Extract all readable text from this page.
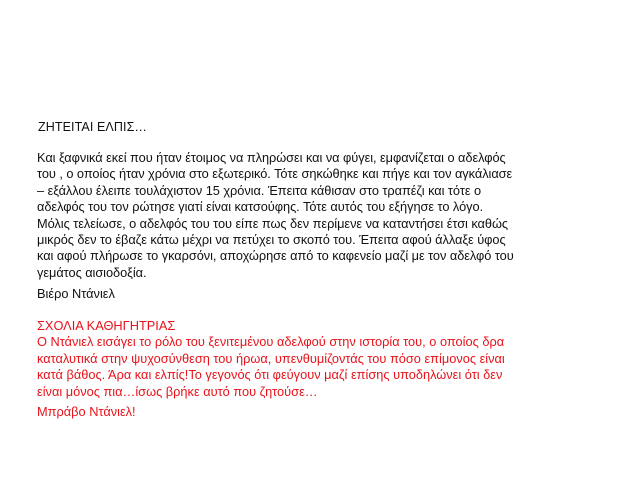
ΖΗΤΕΙΤΑΙ ΕΛΠΙΣ…
Και ξαφνικά εκεί που ήταν έτοιμος να πληρώσει και να φύγει, εμφανίζεται ο αδελφός
του , ο οποίος ήταν χρόνια στο εξωτερικό. Τότε σηκώθηκε και πήγε και τον αγκάλιασε
– εξάλλου έλειπε τουλάχιστον 15 χρόνια. Έπειτα κάθισαν στο τραπέζι και τότε ο
αδελφός του τον ρώτησε γιατί είναι κατσούφης. Τότε αυτός του εξήγησε το λόγο.
Μόλις τελείωσε, ο αδελφός του του είπε πως δεν περίμενε να καταντήσει έτσι καθώς
μικρός δεν το έβαζε κάτω μέχρι να πετύχει το σκοπό του. Έπειτα αφού άλλαξε ύφος
και αφού πλήρωσε το γκαρσόνι, αποχώρησε από το καφενείο μαζί με τον αδελφό του
γεμάτος αισιοδοξία.
Βιέρο Ντάνιελ
ΣΧΟΛΙΑ ΚΑΘΗΓΗΤΡΙΑΣ
Ο Ντάνιελ εισάγει το ρόλο του ξενιτεμένου αδελφού στην ιστορία του, ο οποίος δρα
καταλυτικά στην ψυχοσύνθεση του ήρωα, υπενθυμίζοντάς του πόσο επίμονος είναι
κατά βάθος. Άρα και ελπίς!Το γεγονός ότι φεύγουν μαζί επίσης υποδηλώνει ότι δεν
είναι μόνος πια…ίσως βρήκε αυτό που ζητούσε…
Μπράβο Ντάνιελ!
